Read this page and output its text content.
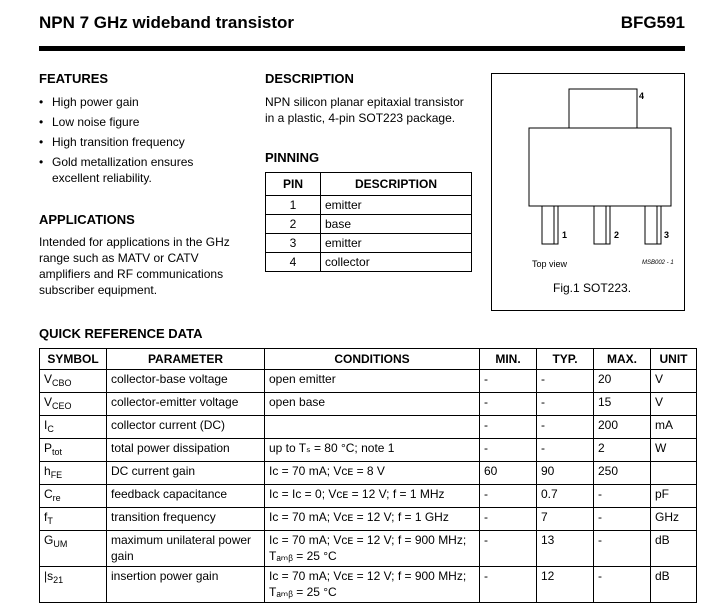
NPN 7 GHz wideband transistor	BFG591
FEATURES
• High power gain
• Low noise figure
• High transition frequency
• Gold metallization ensures excellent reliability.
APPLICATIONS
Intended for applications in the GHz range such as MATV or CATV amplifiers and RF communications subscriber equipment.
DESCRIPTION
NPN silicon planar epitaxial transistor in a plastic, 4-pin SOT223 package.
PINNING
PIN	DESCRIPTION
1	emitter
2	base
3	emitter
4	collector
4
1	2	3
Top view	MSB002 - 1
Fig.1 SOT223.
QUICK REFERENCE DATA
SYMBOL	PARAMETER	CONDITIONS	MIN.	TYP.	MAX.	UNIT
$V_{CBO}$	collector-base voltage	open emitter	-	-	20	V
$V_{CEO}$	collector-emitter voltage	open base	-	-	15	V
$I_C$	collector current (DC)		-	-	200	mA
$P_{tot}$	total power dissipation	up to Tₛ = 80 °C; note 1	-	-	2	W
$h_{FE}$	DC current gain	Iᴄ = 70 mA; Vᴄᴇ = 8 V	60	90	250	
$C_{re}$	feedback capacitance	Iᴄ = Iᴄ = 0; Vᴄᴇ = 12 V; f = 1 MHz	-	0.7	-	pF
$f_T$	transition frequency	Iᴄ = 70 mA; Vᴄᴇ = 12 V; f = 1 GHz	-	7	-	GHz
$G_{UM}$	maximum unilateral power gain	Iᴄ = 70 mA; Vᴄᴇ = 12 V; f = 900 MHz; Tₐₘᵦ = 25 °C	-	13	-	dB
$|s_{21}$	insertion power gain	Iᴄ = 70 mA; Vᴄᴇ = 12 V; f = 900 MHz; Tₐₘᵦ = 25 °C	-	12	-	dB
